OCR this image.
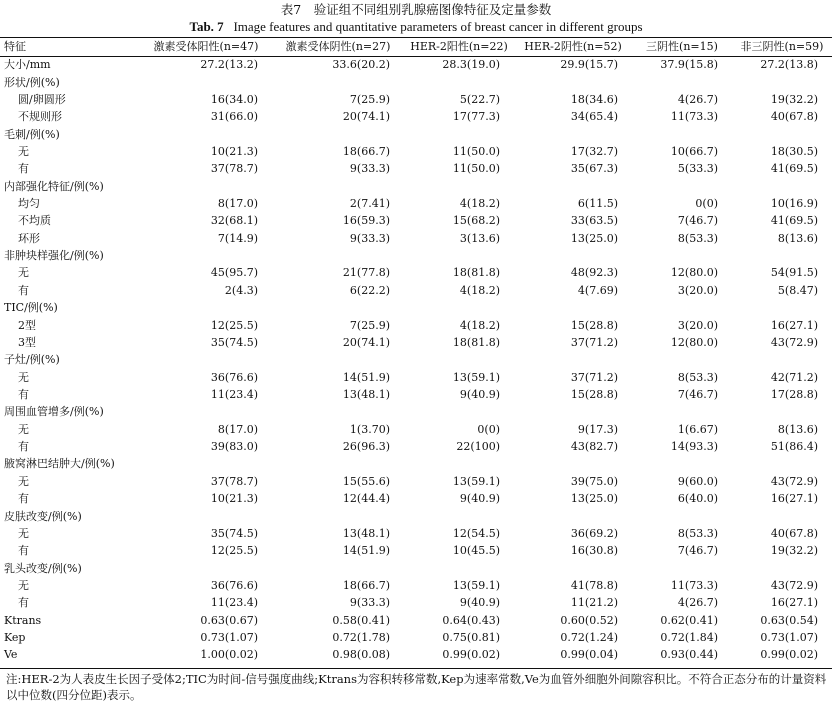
表7　验证组不同组别乳腺癌图像特征及定量参数
Tab. 7 Image features and quantitative parameters of breast cancer in different groups
特征	激素受体阳性(n=47)	激素受体阴性(n=27)	HER-2阳性(n=22)	HER-2阴性(n=52)	三阴性(n=15)	非三阴性(n=59)
大小/mm	27.2(13.2)	33.6(20.2)	28.3(19.0)	29.9(15.7)	37.9(15.8)	27.2(13.8)
形状/例(%)						
圆/卵圆形	16(34.0)	7(25.9)	5(22.7)	18(34.6)	4(26.7)	19(32.2)
不规则形	31(66.0)	20(74.1)	17(77.3)	34(65.4)	11(73.3)	40(67.8)
毛刺/例(%)						
无	10(21.3)	18(66.7)	11(50.0)	17(32.7)	10(66.7)	18(30.5)
有	37(78.7)	9(33.3)	11(50.0)	35(67.3)	5(33.3)	41(69.5)
内部强化特征/例(%)						
均匀	8(17.0)	2(7.41)	4(18.2)	6(11.5)	0(0)	10(16.9)
不均质	32(68.1)	16(59.3)	15(68.2)	33(63.5)	7(46.7)	41(69.5)
环形	7(14.9)	9(33.3)	3(13.6)	13(25.0)	8(53.3)	8(13.6)
非肿块样强化/例(%)						
无	45(95.7)	21(77.8)	18(81.8)	48(92.3)	12(80.0)	54(91.5)
有	2(4.3)	6(22.2)	4(18.2)	4(7.69)	3(20.0)	5(8.47)
TIC/例(%)						
2型	12(25.5)	7(25.9)	4(18.2)	15(28.8)	3(20.0)	16(27.1)
3型	35(74.5)	20(74.1)	18(81.8)	37(71.2)	12(80.0)	43(72.9)
子灶/例(%)						
无	36(76.6)	14(51.9)	13(59.1)	37(71.2)	8(53.3)	42(71.2)
有	11(23.4)	13(48.1)	9(40.9)	15(28.8)	7(46.7)	17(28.8)
周围血管增多/例(%)						
无	8(17.0)	1(3.70)	0(0)	9(17.3)	1(6.67)	8(13.6)
有	39(83.0)	26(96.3)	22(100)	43(82.7)	14(93.3)	51(86.4)
腋窝淋巴结肿大/例(%)						
无	37(78.7)	15(55.6)	13(59.1)	39(75.0)	9(60.0)	43(72.9)
有	10(21.3)	12(44.4)	9(40.9)	13(25.0)	6(40.0)	16(27.1)
皮肤改变/例(%)						
无	35(74.5)	13(48.1)	12(54.5)	36(69.2)	8(53.3)	40(67.8)
有	12(25.5)	14(51.9)	10(45.5)	16(30.8)	7(46.7)	19(32.2)
乳头改变/例(%)						
无	36(76.6)	18(66.7)	13(59.1)	41(78.8)	11(73.3)	43(72.9)
有	11(23.4)	9(33.3)	9(40.9)	11(21.2)	4(26.7)	16(27.1)
Ktrans	0.63(0.67)	0.58(0.41)	0.64(0.43)	0.60(0.52)	0.62(0.41)	0.63(0.54)
Kep	0.73(1.07)	0.72(1.78)	0.75(0.81)	0.72(1.24)	0.72(1.84)	0.73(1.07)
Ve	1.00(0.02)	0.98(0.08)	0.99(0.02)	0.99(0.04)	0.93(0.44)	0.99(0.02)
注:HER-2为人表皮生长因子受体2;TIC为时间-信号强度曲线;Ktrans为容积转移常数,Kep为速率常数,Ve为血管外细胞外间隙容积比。不符合正态分布的计量资料以中位数(四分位距)表示。
